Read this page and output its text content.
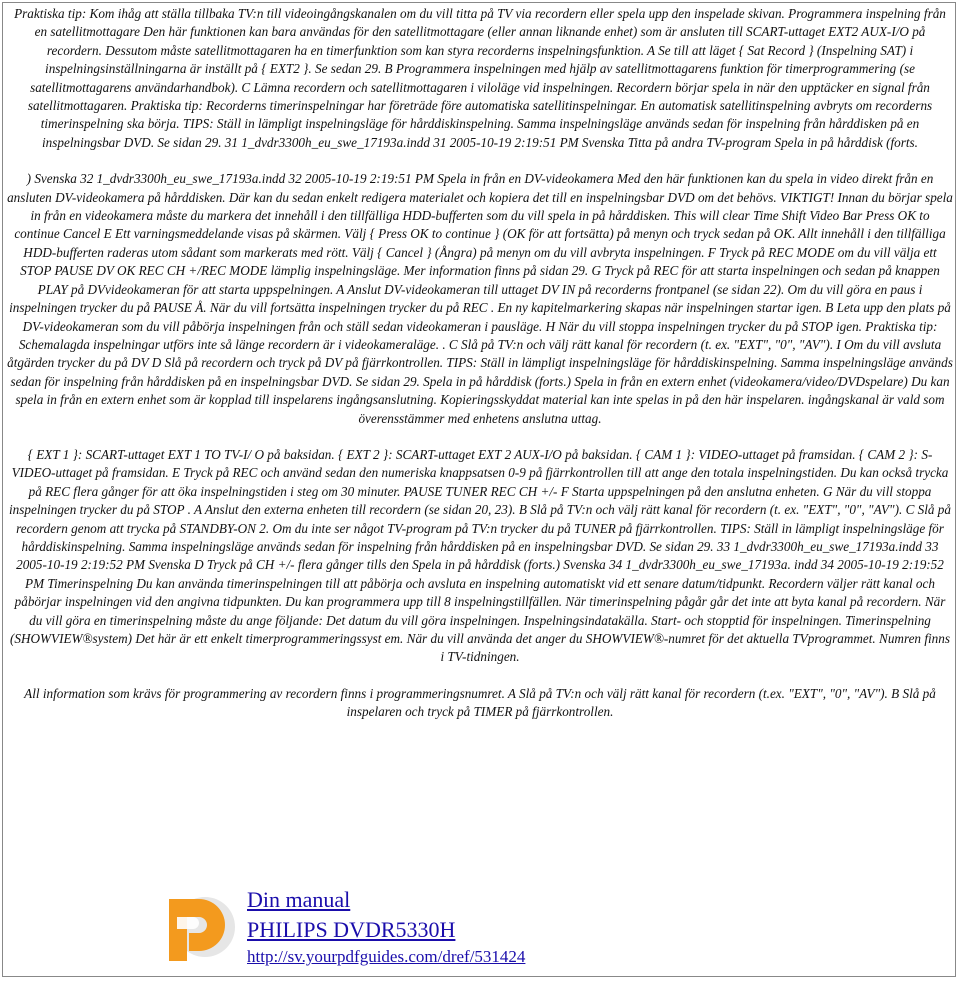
Praktiska tip: Kom ihåg att ställa tillbaka TV:n till videoingångskanalen om du vill titta på TV via recordern eller spela upp den inspelade skivan. Programmera inspelning från en satellitmottagare Den här funktionen kan bara användas för den satellitmottagare (eller annan liknande enhet) som är ansluten till SCART-uttaget EXT2 AUX-I/O på recordern. Dessutom måste satellitmottagaren ha en timerfunktion som kan styra recorderns inspelningsfunktion. A Se till att läget { Sat Record } (Inspelning SAT) i inspelningsinställningarna är inställt på { EXT2 }. Se sedan 29. B Programmera inspelningen med hjälp av satellitmottagarens funktion för timerprogrammering (se satellitmottagarens användarhandbok). C Lämna recordern och satellitmottagaren i viloläge vid inspelningen. Recordern börjar spela in när den upptäcker en signal från satellitmottagaren. Praktiska tip: Recorderns timerinspelningar har företräde före automatiska satellitinspelningar. En automatisk satellitinspelning avbryts om recorderns timerinspelning ska börja. TIPS: Ställ in lämpligt inspelningsläge för hårddiskinspelning. Samma inspelningsläge används sedan för inspelning från hårddisken på en inspelningsbar DVD. Se sidan 29. 31 1_dvdr3300h_eu_swe_17193a.indd 31 2005-10-19 2:19:51 PM Svenska Titta på andra TV-program Spela in på hårddisk (forts.

) Svenska 32 1_dvdr3300h_eu_swe_17193a.indd 32 2005-10-19 2:19:51 PM Spela in från en DV-videokamera Med den här funktionen kan du spela in video direkt från en ansluten DV-videokamera på hårddisken. Där kan du sedan enkelt redigera materialet och kopiera det till en inspelningsbar DVD om det behövs. VIKTIGT! Innan du börjar spela in från en videokamera måste du markera det innehåll i den tillfälliga HDD-bufferten som du vill spela in på hårddisken. This will clear Time Shift Video Bar Press OK to continue Cancel E Ett varningsmeddelande visas på skärmen. Välj { Press OK to continue } (OK för att fortsätta) på menyn och tryck sedan på OK. Allt innehåll i den tillfälliga HDD-bufferten raderas utom sådant som markerats med rött. Välj { Cancel } (Ångra) på menyn om du vill avbryta inspelningen. F Tryck på REC MODE om du vill välja ett STOP PAUSE DV OK REC CH +/REC MODE lämplig inspelningsläge. Mer information finns på sidan 29. G Tryck på REC för att starta inspelningen och sedan på knappen PLAY på DVvideokameran för att starta uppspelningen. A Anslut DV-videokameran till uttaget DV IN på recorderns frontpanel (se sidan 22). Om du vill göra en paus i inspelningen trycker du på PAUSE Å. När du vill fortsätta inspelningen trycker du på REC . En ny kapitelmarkering skapas när inspelningen startar igen. B Leta upp den plats på DV-videokameran som du vill påbörja inspelningen från och ställ sedan videokameran i pausläge. H När du vill stoppa inspelningen trycker du på STOP igen. Praktiska tip: Schemalagda inspelningar utförs inte så länge recordern är i videokameraläge. . C Slå på TV:n och välj rätt kanal för recordern (t. ex. "EXT", "0", "AV"). I Om du vill avsluta åtgärden trycker du på DV D Slå på recordern och tryck på DV på fjärrkontrollen. TIPS: Ställ in lämpligt inspelningsläge för hårddiskinspelning. Samma inspelningsläge används sedan för inspelning från hårddisken på en inspelningsbar DVD. Se sidan 29. Spela in på hårddisk (forts.) Spela in från en extern enhet (videokamera/video/DVDspelare) Du kan spela in från en extern enhet som är kopplad till inspelarens ingångsanslutning. Kopieringsskyddat material kan inte spelas in på den här inspelaren. ingångskanal är vald som överensstämmer med enhetens anslutna uttag.

{ EXT 1 }: SCART-uttaget EXT 1 TO TV-I/ O på baksidan. { EXT 2 }: SCART-uttaget EXT 2 AUX-I/O på baksidan. { CAM 1 }: VIDEO-uttaget på framsidan. { CAM 2 }: S-VIDEO-uttaget på framsidan. E Tryck på REC och använd sedan den numeriska knappsatsen 0-9 på fjärrkontrollen till att ange den totala inspelningstiden. Du kan också trycka på REC flera gånger för att öka inspelningstiden i steg om 30 minuter. PAUSE TUNER REC CH +/- F Starta uppspelningen på den anslutna enheten. G När du vill stoppa inspelningen trycker du på STOP . A Anslut den externa enheten till recordern (se sidan 20, 23). B Slå på TV:n och välj rätt kanal för recordern (t. ex. "EXT", "0", "AV"). C Slå på recordern genom att trycka på STANDBY-ON 2. Om du inte ser något TV-program på TV:n trycker du på TUNER på fjärrkontrollen. TIPS: Ställ in lämpligt inspelningsläge för hårddiskinspelning. Samma inspelningsläge används sedan för inspelning från hårddisken på en inspelningsbar DVD. Se sidan 29. 33 1_dvdr3300h_eu_swe_17193a.indd 33 2005-10-19 2:19:52 PM Svenska D Tryck på CH +/- flera gånger tills den Spela in på hårddisk (forts.) Svenska 34 1_dvdr3300h_eu_swe_17193a. indd 34 2005-10-19 2:19:52 PM Timerinspelning Du kan använda timerinspelningen till att påbörja och avsluta en inspelning automatiskt vid ett senare datum/tidpunkt. Recordern väljer rätt kanal och påbörjar inspelningen vid den angivna tidpunkten. Du kan programmera upp till 8 inspelningstillfällen. När timerinspelning pågår går det inte att byta kanal på recordern. När du vill göra en timerinspelning måste du ange följande: Det datum du vill göra inspelningen. Inspelningsindatakälla. Start- och stopptid för inspelningen. Timerinspelning (SHOWVIEW®system) Det här är ett enkelt timerprogrammeringssyst em. När du vill använda det anger du SHOWVIEW®-numret för det aktuella TVprogrammet. Numren finns i TV-tidningen.

All information som krävs för programmering av recordern finns i programmeringsnumret. A Slå på TV:n och välj rätt kanal för recordern (t.ex. "EXT", "0", "AV"). B Slå på inspelaren och tryck på TIMER på fjärrkontrollen.

Din manual
PHILIPS DVDR5330H
http://sv.yourpdfguides.com/dref/531424
